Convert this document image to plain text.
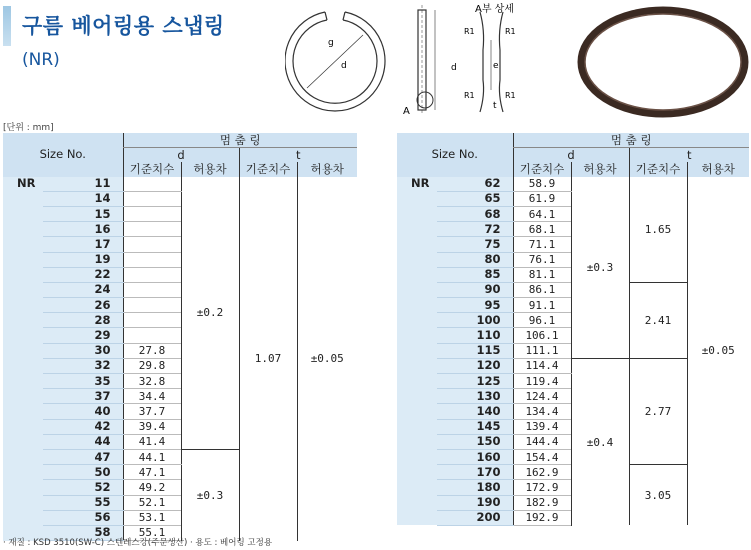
구름 베어링용 스냅링
(NR)
g
d
A
d
A부 상세
R1	R1
R1	R1
e
t
[단위 : mm]
Size No.		멈 춤 링			
		d		t	
		기준치수	허용차	기준치수	허용차
NR	11		±0.2	1.07	±0.05
	14				
	15				
	16				
	17				
	19				
	22				
	24				
	26				
	28				
	29				
	30	27.8			
	32	29.8			
	35	32.8			
	37	34.4			
	40	37.7			
	42	39.4			
	44	41.4			
	47	44.1	±0.3		
	50	47.1			
	52	49.2			
	55	52.1			
	56	53.1			
	58	55.1			
Size No.		멈 춤 링			
		d		t	
		기준치수	허용차	기준치수	허용차
NR	62	58.9	±0.3	1.65	±0.05
	65	61.9			
	68	64.1			
	72	68.1			
	75	71.1			
	80	76.1			
	85	81.1			
	90	86.1		2.41	
	95	91.1			
	100	96.1			
	110	106.1			
	115	111.1			
	120	114.4	±0.4	2.77	
	125	119.4			
	130	124.4			
	140	134.4			
	145	139.4			
	150	144.4			
	160	154.4			
	170	162.9		3.05	
	180	172.9			
	190	182.9			
	200	192.9			
· 재질 : KSD 3510(SW-C) 스텐레스강(주문생산) · 용도 : 베어링 고정용
